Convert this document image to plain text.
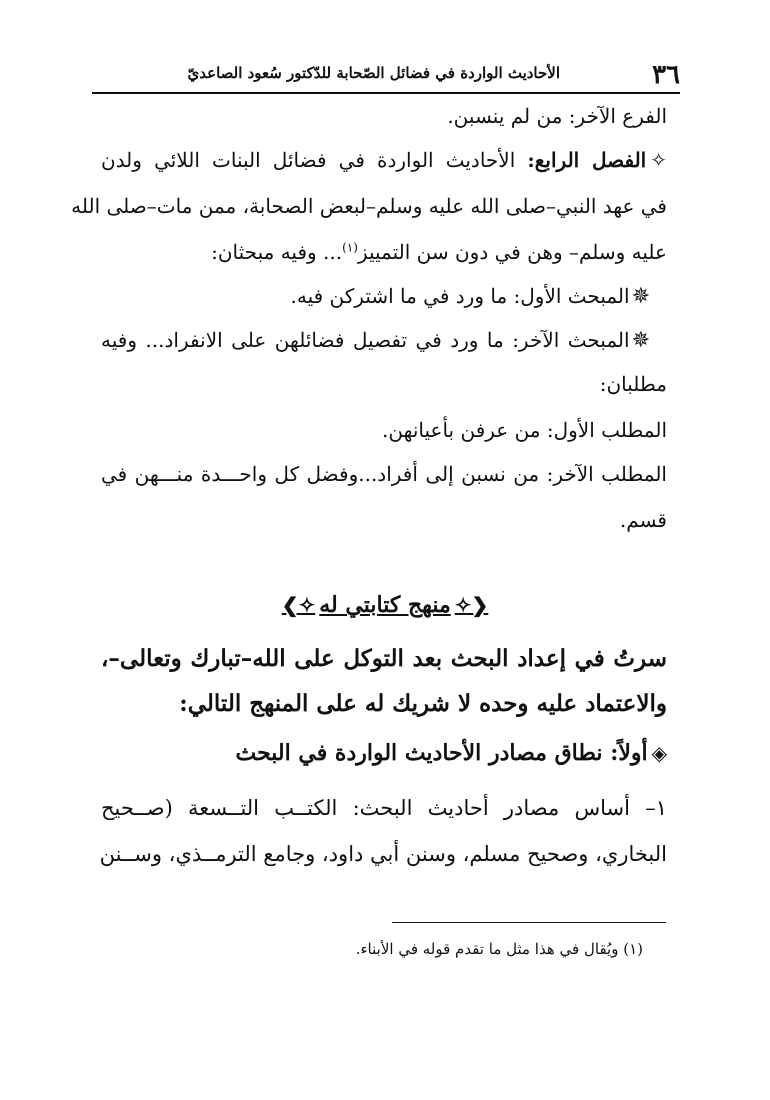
٣٦
الأحاديث الواردة في فضائل الصّحابة للدّكتور سُعود الصاعديّ
الفرع الآخر: من لم ينسبن.
✧الفصل الرابع: الأحاديث الواردة في فضائل البنات اللائي ولدن
في عهد النبي–صلى الله عليه وسلم–لبعض الصحابة، ممن مات–صلى الله
عليه وسلم– وهن في دون سن التمييز$^{(١)}$... وفيه مبحثان:
✵المبحث الأول: ما ورد في ما اشتركن فيه.
✵المبحث الآخر: ما ورد في تفصيل فضائلهن على الانفراد... وفيه
مطلبان:
المطلب الأول: من عرفن بأعيانهن.
المطلب الآخر: من نسبن إلى أفراد...وفضل كل واحـــدة منـــهن في
قسم.
❮✧منهج كتابتي له✧❯
سرتُ في إعداد البحث بعد التوكل على الله–تبارك وتعالى–،
والاعتماد عليه وحده لا شريك له على المنهج التالي:
◈أولاً: نطاق مصادر الأحاديث الواردة في البحث
١– أساس مصادر أحاديث البحث: الكتــب التــسعة (صــحيح
البخاري، وصحيح مسلم، وسنن أبي داود، وجامع الترمــذي، وســنن
(١) ويُقال في هذا مثل ما تقدم قوله في الأبناء.
